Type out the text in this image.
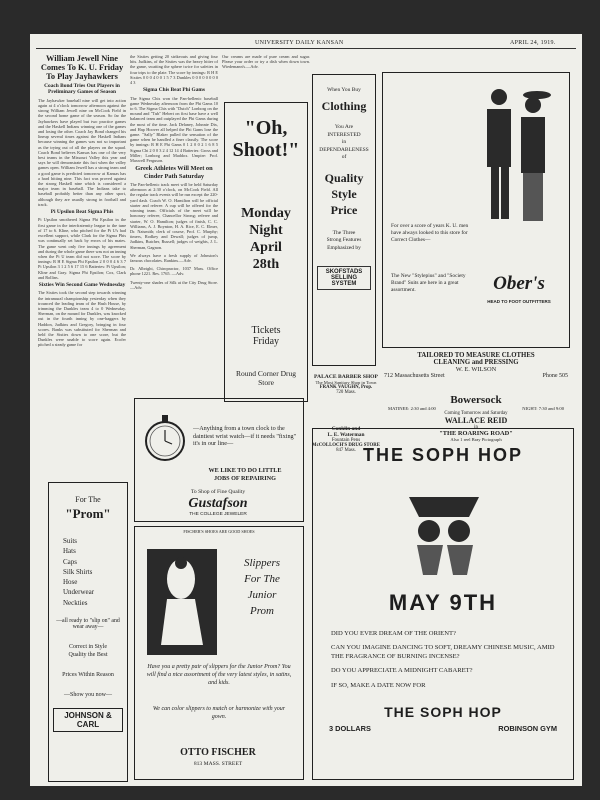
UNIVERSITY DAILY KANSAN	APRIL 24, 1919.
William Jewell Nine Comes To K. U. Friday To Play Jayhawkers
Coach Bond Tries Out Players in Preliminary Games of Season
The Jayhawker baseball nine will get into action again at 4 o'clock tomorrow afternoon against the strong William Jewell nine on McCook Field in the second home game of the season. So far the Jayhawkers have played but two practice games and the Haskell Indians winning one of the games and losing the other. Coach Jay Bond changed his lineup several times against the Haskell Indians because winning the games was not so important as the trying out of all the players on the squad. Coach Bond believes Kansas has one of the very best teams in the Missouri Valley this year and says he will demonstrate this fact when the valley games open. William Jewell has a strong team and a good game is predicted tomorrow at Kansas has a hard hitting nine. This fact was proved against the strong Haskell nine which is considered a major team in baseball. The Indians take to baseball probably better than any other sport, although they are usually strong in football and track.
Pi Upsilon Beat Sigma Phis
Pi Upsilon smothered Sigma Phi Epsilon in the first game in the interfraternity league to the tune of 17 to 6. Kline, who pitched for the Pi U's had excellent support, while Clark for the Sigma Phis was continually set back by errors of his mates. The game went only five innings by agreement and during the whole game there was not an inning when the Pi U team did not score. The score by innings: R H E Sigma Phi Epsilon 2 0 0 0 4 6 3 7 Pi Upsilon 3 1 2 5 6 17 15 6 Batteries: Pi Upsilon; Kline and Gray. Sigma Phi Epsilon; Cox, Clark and Rollins.
Sixties Win Second Game Wednesday
The Sixties took the second step towards winning the intramural championship yesterday when they trounced the leading team of the Hash House, by trimming the Dunkles team 4 to 0 Wednesday. Sherman, on the mound for Dunkles, was knocked out in the fourth inning by one-baggers by Haddon, Judkins and Gregory, bringing in four scores. Banks was substituted for Sherman and held the Sixties down to one score, but the Dunkles were unable to score again. Ecofer pitched a steady game for
the Sixties getting 20 strikeouts and giving four hits. Judkins, of the Sixties was the heavy hitter of the game, swatting the sphere twice for safeties in four trips to the plate. The score by innings: R H E Sixties 0 0 0 4 0 0 1 5 7 3 Dunkles 0 0 0 0 0 0 0 0 4 3
Sigma Chis Beat Phi Gams
The Sigma Chis won the Pan-hellenic baseball game Wednesday afternoon from the Phi Gams 10 to 6. The Sigma Chis with "Dutch" Lonborg on the mound and "Tub" Hebert on first base have a well balanced team and outplayed the Phi Gams during the most of the time. Jack Delaney, Johnnie Dix, and Hap Hoover all helped the Phi Gams lose the game. "Sally" Blaker pulled the sensation of the game when he handled a finer classily. The score by innings: R H E Phi Gams 0 1 2 0 0 2 1 6 8 5 Sigma Chi 2 0 0 3 2 4 12 14 4 Batteries: Gross and Miller; Lonborg and Maddox. Umpire: Prof. Maxwell Ferguson.
Greek Athletes Will Meet on Cinder Path Saturday
The Pan-hellenic track meet will be held Saturday afternoon at 2:30 o'clock, on McCook Field. All the regular track events will be run except the 220-yard dash. Coach W. O. Hamilton will be official starter and referee. A cup will be offered for the winning team. Officials of the meet will be honorary referee, Chancellor Strong; referee and starter, W. O. Hamilton; judges of finish, C. C. Williams, A. J. Boynton, H. A. Rice, E. C. Elmer, Dr. Naismith; clerk of course, Prof. C. Murphy; timers, Rodkey and Dewall; judges of jump, Judkins, Butcher, Russell; judges of weights, J. L. Sherman, Gagnon.
We always have a fresh supply of Johnston's famous chocolates. Rankins.—Adv.
Dr. Albright, Chiropractor, 1037 Mass. Office phone 1221. Res. 1765. —Adv.
Twenty-one shades of Silk at the City Drug Store.—Adv.
Our creams are made of pure cream and sugar. Please your order or try a dish when down town. Wiedemann's.—Adv.
"Oh, Shoot!"
Monday
Night
April
28th
Tickets
Friday
Round Corner Drug Store
When You Buy
Clothing
You Are
INTERESTED
in
DEPENDABLENESS
of
Quality
Style
Price
The Three
Strong Features
Emphasized by
SKOFSTADS SELLING SYSTEM
For over a score of years K. U. men have always looked to this store for Correct Clothes—
The New "Stylepius" and "Society Brand" Suits are here in a great assortment.	Ober's
HEAD TO FOOT OUTFITTERS
TAILORED TO MEASURE CLOTHES
CLEANING and PRESSING
W. E. WILSON
712 Massachusetts Street	Phone 505
PALACE BARBER SHOP
The Most Sanitary Shop in Town
FRANK VAUGHN, Prop.
720 Mass.
Conklin and
L. E. Waterman
Fountain Pens
McCOLLOCH'S DRUG STORE
847 Mass.
Bowersock
MATINEE: 2:30 and 4:00	NIGHT: 7:30 and 9:00
Coming Tomorrow and Saturday
WALLACE REID
in
"THE ROARING ROAD"
Also 1 reel Bray Pictograph
—Anything from a town clock to the daintiest wrist watch—if it needs "fixing" it's in our line—
WE LIKE TO DO LITTLE
JOBS OF REPAIRING
To Shop of Fine Quality
Gustafson
THE COLLEGE JEWELER
For The
"Prom"
Suits
Hats
Caps
Silk Shirts
Hose
Underwear
Neckties
—all ready to "slip on" and wear away—
Correct in Style
Quality the Best
Prices Within Reason
—Show you now—
JOHNSON & CARL
FISCHER'S SHOES ARE GOOD SHOES
Slippers
For The
Junior
Prom
Have you a pretty pair of slippers for the Junior Prom? You will find a nice assortment of the very latest styles, in satins, and kids.
We can color slippers to match or harmonize with your gown.
OTTO FISCHER
813 MASS. STREET
THE SOPH HOP
MAY 9TH
DID YOU EVER DREAM OF THE ORIENT?
CAN YOU IMAGINE DANCING TO SOFT, DREAMY CHINESE MUSIC, AMID THE FRAGRANCE OF BURNING INCENSE?
DO YOU APPRECIATE A MIDNIGHT CABARET?
IF SO, MAKE A DATE NOW FOR
THE SOPH HOP
3 DOLLARS	ROBINSON GYM
